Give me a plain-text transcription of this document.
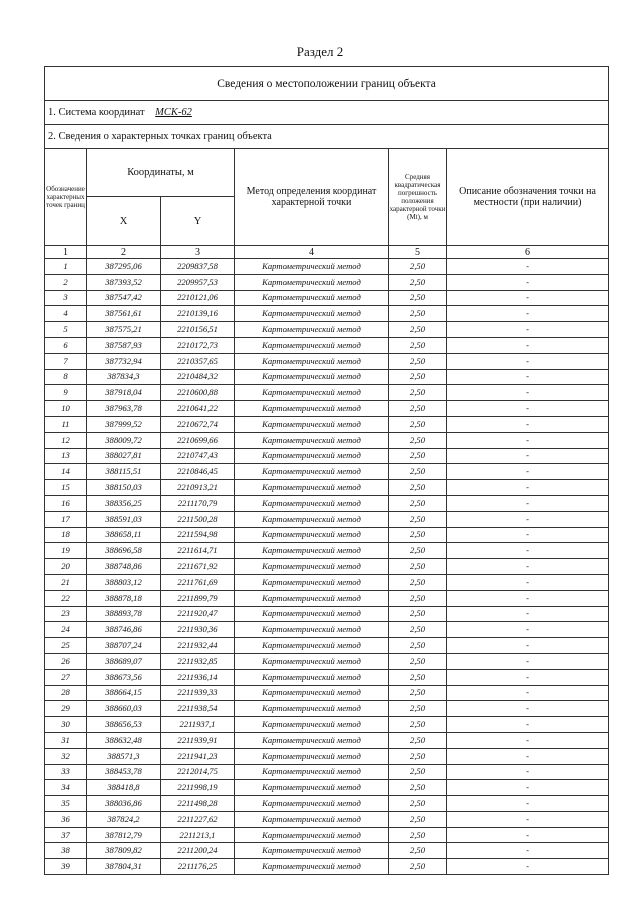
Раздел 2
Сведения о местоположении границ объекта					
1. Система координат МСК-62					
2. Сведения о характерных точках границ объекта					
Обозначение характерных точек границ	Координаты, м		Метод определения координат характерной точки	Средняя квадратическая погрешность положения характерной точки (Mt), м	Описание обозначения точки на местности (при наличии)
	X	Y			
1	2	3	4	5	6
1	387295,06	2209837,58	Картометрический метод	2,50	-
2	387393,52	2209957,53	Картометрический метод	2,50	-
3	387547,42	2210121,06	Картометрический метод	2,50	-
4	387561,61	2210139,16	Картометрический метод	2,50	-
5	387575,21	2210156,51	Картометрический метод	2,50	-
6	387587,93	2210172,73	Картометрический метод	2,50	-
7	387732,94	2210357,65	Картометрический метод	2,50	-
8	387834,3	2210484,32	Картометрический метод	2,50	-
9	387918,04	2210600,88	Картометрический метод	2,50	-
10	387963,78	2210641,22	Картометрический метод	2,50	-
11	387999,52	2210672,74	Картометрический метод	2,50	-
12	388009,72	2210699,66	Картометрический метод	2,50	-
13	388027,81	2210747,43	Картометрический метод	2,50	-
14	388115,51	2210846,45	Картометрический метод	2,50	-
15	388150,03	2210913,21	Картометрический метод	2,50	-
16	388356,25	2211170,79	Картометрический метод	2,50	-
17	388591,03	2211500,28	Картометрический метод	2,50	-
18	388658,11	2211594,98	Картометрический метод	2,50	-
19	388696,58	2211614,71	Картометрический метод	2,50	-
20	388748,86	2211671,92	Картометрический метод	2,50	-
21	388803,12	2211761,69	Картометрический метод	2,50	-
22	388878,18	2211899,79	Картометрический метод	2,50	-
23	388893,78	2211920,47	Картометрический метод	2,50	-
24	388746,86	2211930,36	Картометрический метод	2,50	-
25	388707,24	2211932,44	Картометрический метод	2,50	-
26	388689,07	2211932,85	Картометрический метод	2,50	-
27	388673,56	2211936,14	Картометрический метод	2,50	-
28	388664,15	2211939,33	Картометрический метод	2,50	-
29	388660,03	2211938,54	Картометрический метод	2,50	-
30	388656,53	2211937,1	Картометрический метод	2,50	-
31	388632,48	2211939,91	Картометрический метод	2,50	-
32	388571,3	2211941,23	Картометрический метод	2,50	-
33	388453,78	2212014,75	Картометрический метод	2,50	-
34	388418,8	2211998,19	Картометрический метод	2,50	-
35	388036,86	2211498,28	Картометрический метод	2,50	-
36	387824,2	2211227,62	Картометрический метод	2,50	-
37	387812,79	2211213,1	Картометрический метод	2,50	-
38	387809,82	2211200,24	Картометрический метод	2,50	-
39	387804,31	2211176,25	Картометрический метод	2,50	-
